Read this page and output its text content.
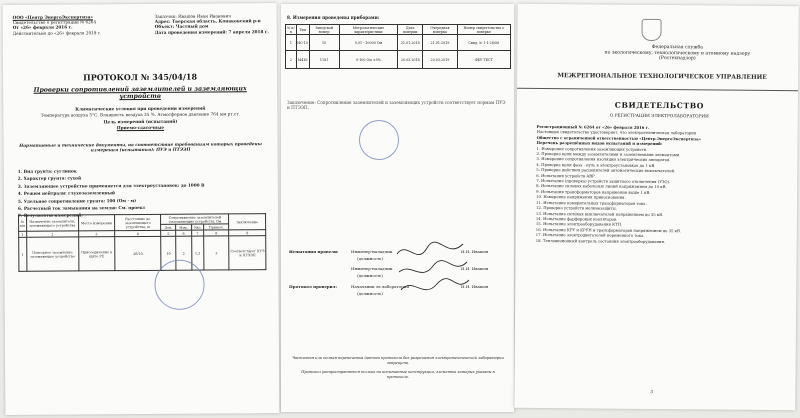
ООО «Центр ЭнергоЭкспертиза»
Свидетельство о регистрации № 6264
От «26» февраля 2016 г.
Действительно до «26» февраля 2019 г.
Заказчик: Ивашов Иван Иванович
Адрес: Тверская область, Конаковский р-н
Объект: Частный дом
Дата проведения измерений: 7 апреля 2018 г.
ПРОТОКОЛ № 345/04/18
Проверки сопротивлений заземлителей и заземляющих устройств
Климатические условия при проведении измерений
Температура воздуха 5°С. Влажность воздуха 35 %. Атмосферное давление 764 мм рт.ст.
Цель измерений (испытаний)
Приемо-сдаточные
Нормативные и технические документы, на соответствие требованиям которых проведены измерения (испытания): ПУЭ и ПТЭЭП
1. Вид грунта: суглинок
2. Характер грунта: сухой
3. Заземляющее устройство применяется для электроустановок: до 1000 В
4. Режим нейтрали: глухозаземленный
5. Удельное сопротивление грунта: 100 (Ом · м)
6. Расчетный ток замыкания на землю: См. проект
7. Результаты измерений:
№ п/п	Назначение заземлителя, заземляющего устройства	Место измерения	Расстояние до заземляющего устройства, м	Сопротивление заземлителей (заземляющих устройств), Ом				Заключение
				Доп.	Изм.	Rкз	Примеч.	
1	2	3	4	5	6	7	8	9
1	Повторное заземление заземляющее устройство	Присоединение в щите РЕ	20/10	10	2	1,3	3	Соответствует ПУЭ и ПТЭЭП
8. Измерения проведены приборами:
№ п/п	Тип	Заводской номер	Метрологические характеристики	Дата поверки	Очередная поверка	Номер свидетельства о поверке
1	ИС-10	10	0,01 - 10000 Ом	21.01.2018	21.01.2019	Свид. № 1-1-28/06
2	М416	1181	0-100 Ом ±5%	20.03.2018	20.03.2019	ФБУ ТЕСТ
Заключение: Сопротивление заземлителей и заземляющих устройств соответствует нормам ПУЭ и ПТЭЭП.
Испытания провели:	Инженер-наладчик
(должность)
И.И. Ивашов
Инженер-наладчик
(должность)
И.И. Ивашов
Протокол проверил:	Начальник эл.лаборатории
(должность)
И.И. Ивашов
Частичная или полная перепечатка данного протокола без разрешения электротехнической лаборатории запрещена.
Протокол распространяется только на испытанные конструкции, элементы которых указаны в протоколе.
Федеральная служба
по экологическому, технологическому и атомному надзору
(Ростехнадзор)
МЕЖРЕГИОНАЛЬНОЕ ТЕХНОЛОГИЧЕСКОЕ УПРАВЛЕНИЕ
СВИДЕТЕЛЬСТВО
О РЕГИСТРАЦИИ ЭЛЕКТРОЛАБОРАТОРИИ
Регистрационный № 6264 от «26» февраля 2016 г.
Настоящее свидетельство удостоверяет, что электротехническая лаборатория
Общество с ограниченной ответственностью «Центр.ЭнергоЭкспертиза»
Перечень разрешённых видов испытаний и измерений:
1. Измерение сопротивления заземляющих устройств.
2. Проверка цепи между заземлителями и заземляемыми элементами.
3. Измерение сопротивления изоляции электрических аппаратов.
4. Проверка цепи фаза - нуль в электроустановках до 1 кВ.
5. Проверка действия расцепителей автоматических выключателей.
6. Испытания устройств АВР.
7. Испытание (проверка) устройств защитного отключения (УЗО).
8. Испытание силовых кабельных линий напряжением до 10 кВ.
9. Испытания трансформаторов напряжения выше 1 кВ.
10. Измерение напряжения прикосновения.
11. Испытание измерительных трансформаторов тока.
12. Проверка устройств молниезащиты.
13. Испытание силовых выключателей напряжением до 35 кВ.
14. Испытание фарфоровых изоляторов.
15. Испытание электрооборудования КТП.
16. Испытание КРУ и КРУН и трансформаторов напряжением до 35 кВ.
17. Испытание электродвигателей переменного тока.
18. Тепловизионный контроль состояния электрооборудования.
3
